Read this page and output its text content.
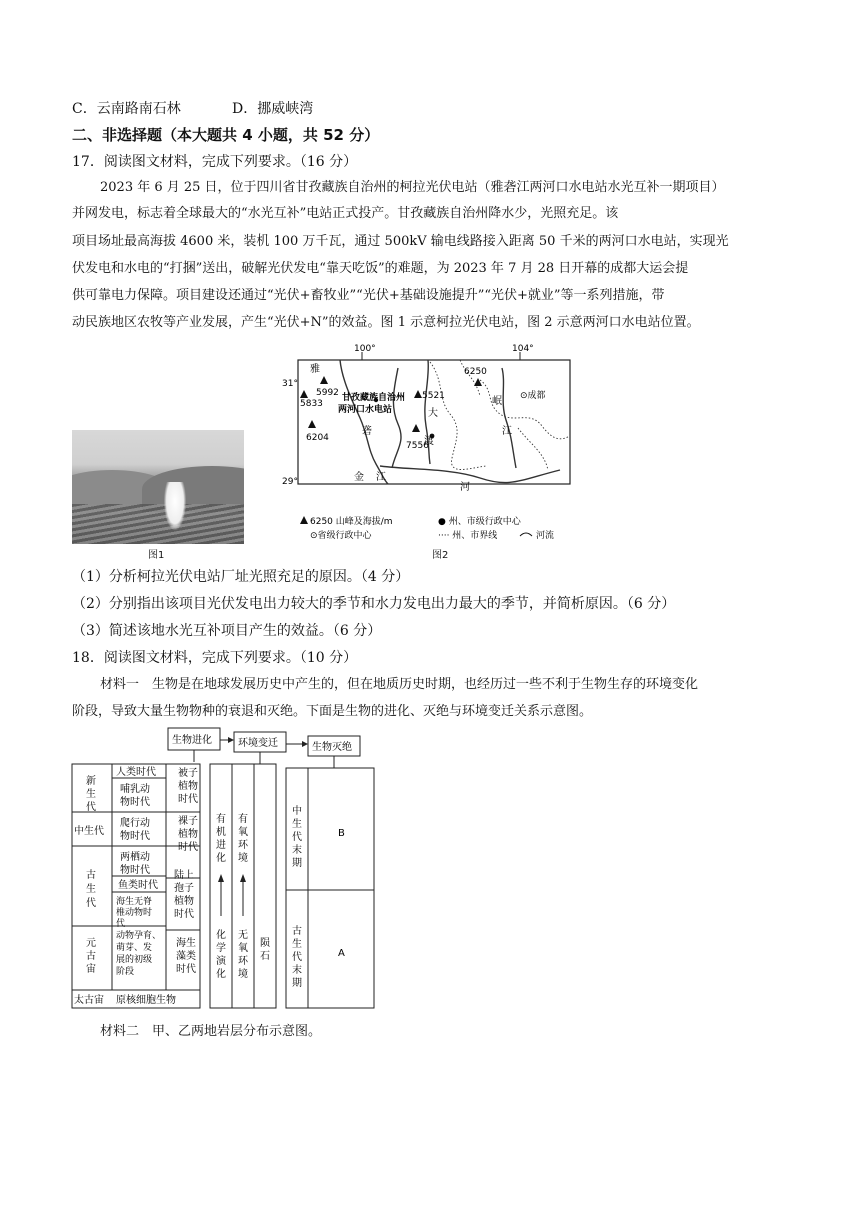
C．云南路南石林	D．挪威峡湾
二、非选择题（本大题共 4 小题，共 52 分）
17．阅读图文材料，完成下列要求。（16 分）
2023 年 6 月 25 日，位于四川省甘孜藏族自治州的柯拉光伏电站（雅砻江两河口水电站水光互补一期项目）
并网发电，标志着全球最大的“水光互补”电站正式投产。甘孜藏族自治州降水少，光照充足。该
项目场址最高海拔 4600 米，装机 100 万千瓦，通过 500kV 输电线路接入距离 50 千米的两河口水电站，实现光
伏发电和水电的“打捆”送出，破解光伏发电“靠天吃饭”的难题，为 2023 年 7 月 28 日开幕的成都大运会提
供可靠电力保障。项目建设还通过“光伏+畜牧业”“光伏+基础设施提升”“光伏+就业”等一系列措施，带
动民族地区农牧等产业发展，产生“光伏+N”的效益。图 1 示意柯拉光伏电站，图 2 示意两河口水电站位置。
图1
100°	104°
31°
29°
5992
5833
5521
6250
6204
7556
雅
甘孜藏族自治州
两河口水电站
砻
大
渡
河
岷 ⊙成都
江
江
金
6250 山峰及海拔/m
⊙省级行政中心
● 州、市级行政中心
···· 州、市界线	河流
图2
（1）分析柯拉光伏电站厂址光照充足的原因。（4 分）
（2）分别指出该项目光伏发电出力较大的季节和水力发电出力最大的季节，并简析原因。（6 分）
（3）简述该地水光互补项目产生的效益。（6 分）
18．阅读图文材料，完成下列要求。（10 分）
材料一　生物是在地球发展历史中产生的，但在地质历史时期，也经历过一些不利于生物生存的环境变化
阶段，导致大量生物物种的衰退和灭绝。下面是生物的进化、灭绝与环境变迁关系示意图。
生物进化	环境变迁	生物灭绝
新生代
中生代
古生代
元古宙
太古宙
人类时代
哺乳动物时代
爬行动物时代
两栖动物时代
鱼类时代
海生无脊椎动物时代
动物孕育、萌芽、发展的初级阶段
原核细胞生物
被子植物时代
裸子植物时代
陆上孢子植物时代
海生藻类时代
有机进化
有氧环境
化学演化
无氧环境
陨石
中生代末期
B
古生代末期
A
材料二　甲、乙两地岩层分布示意图。
